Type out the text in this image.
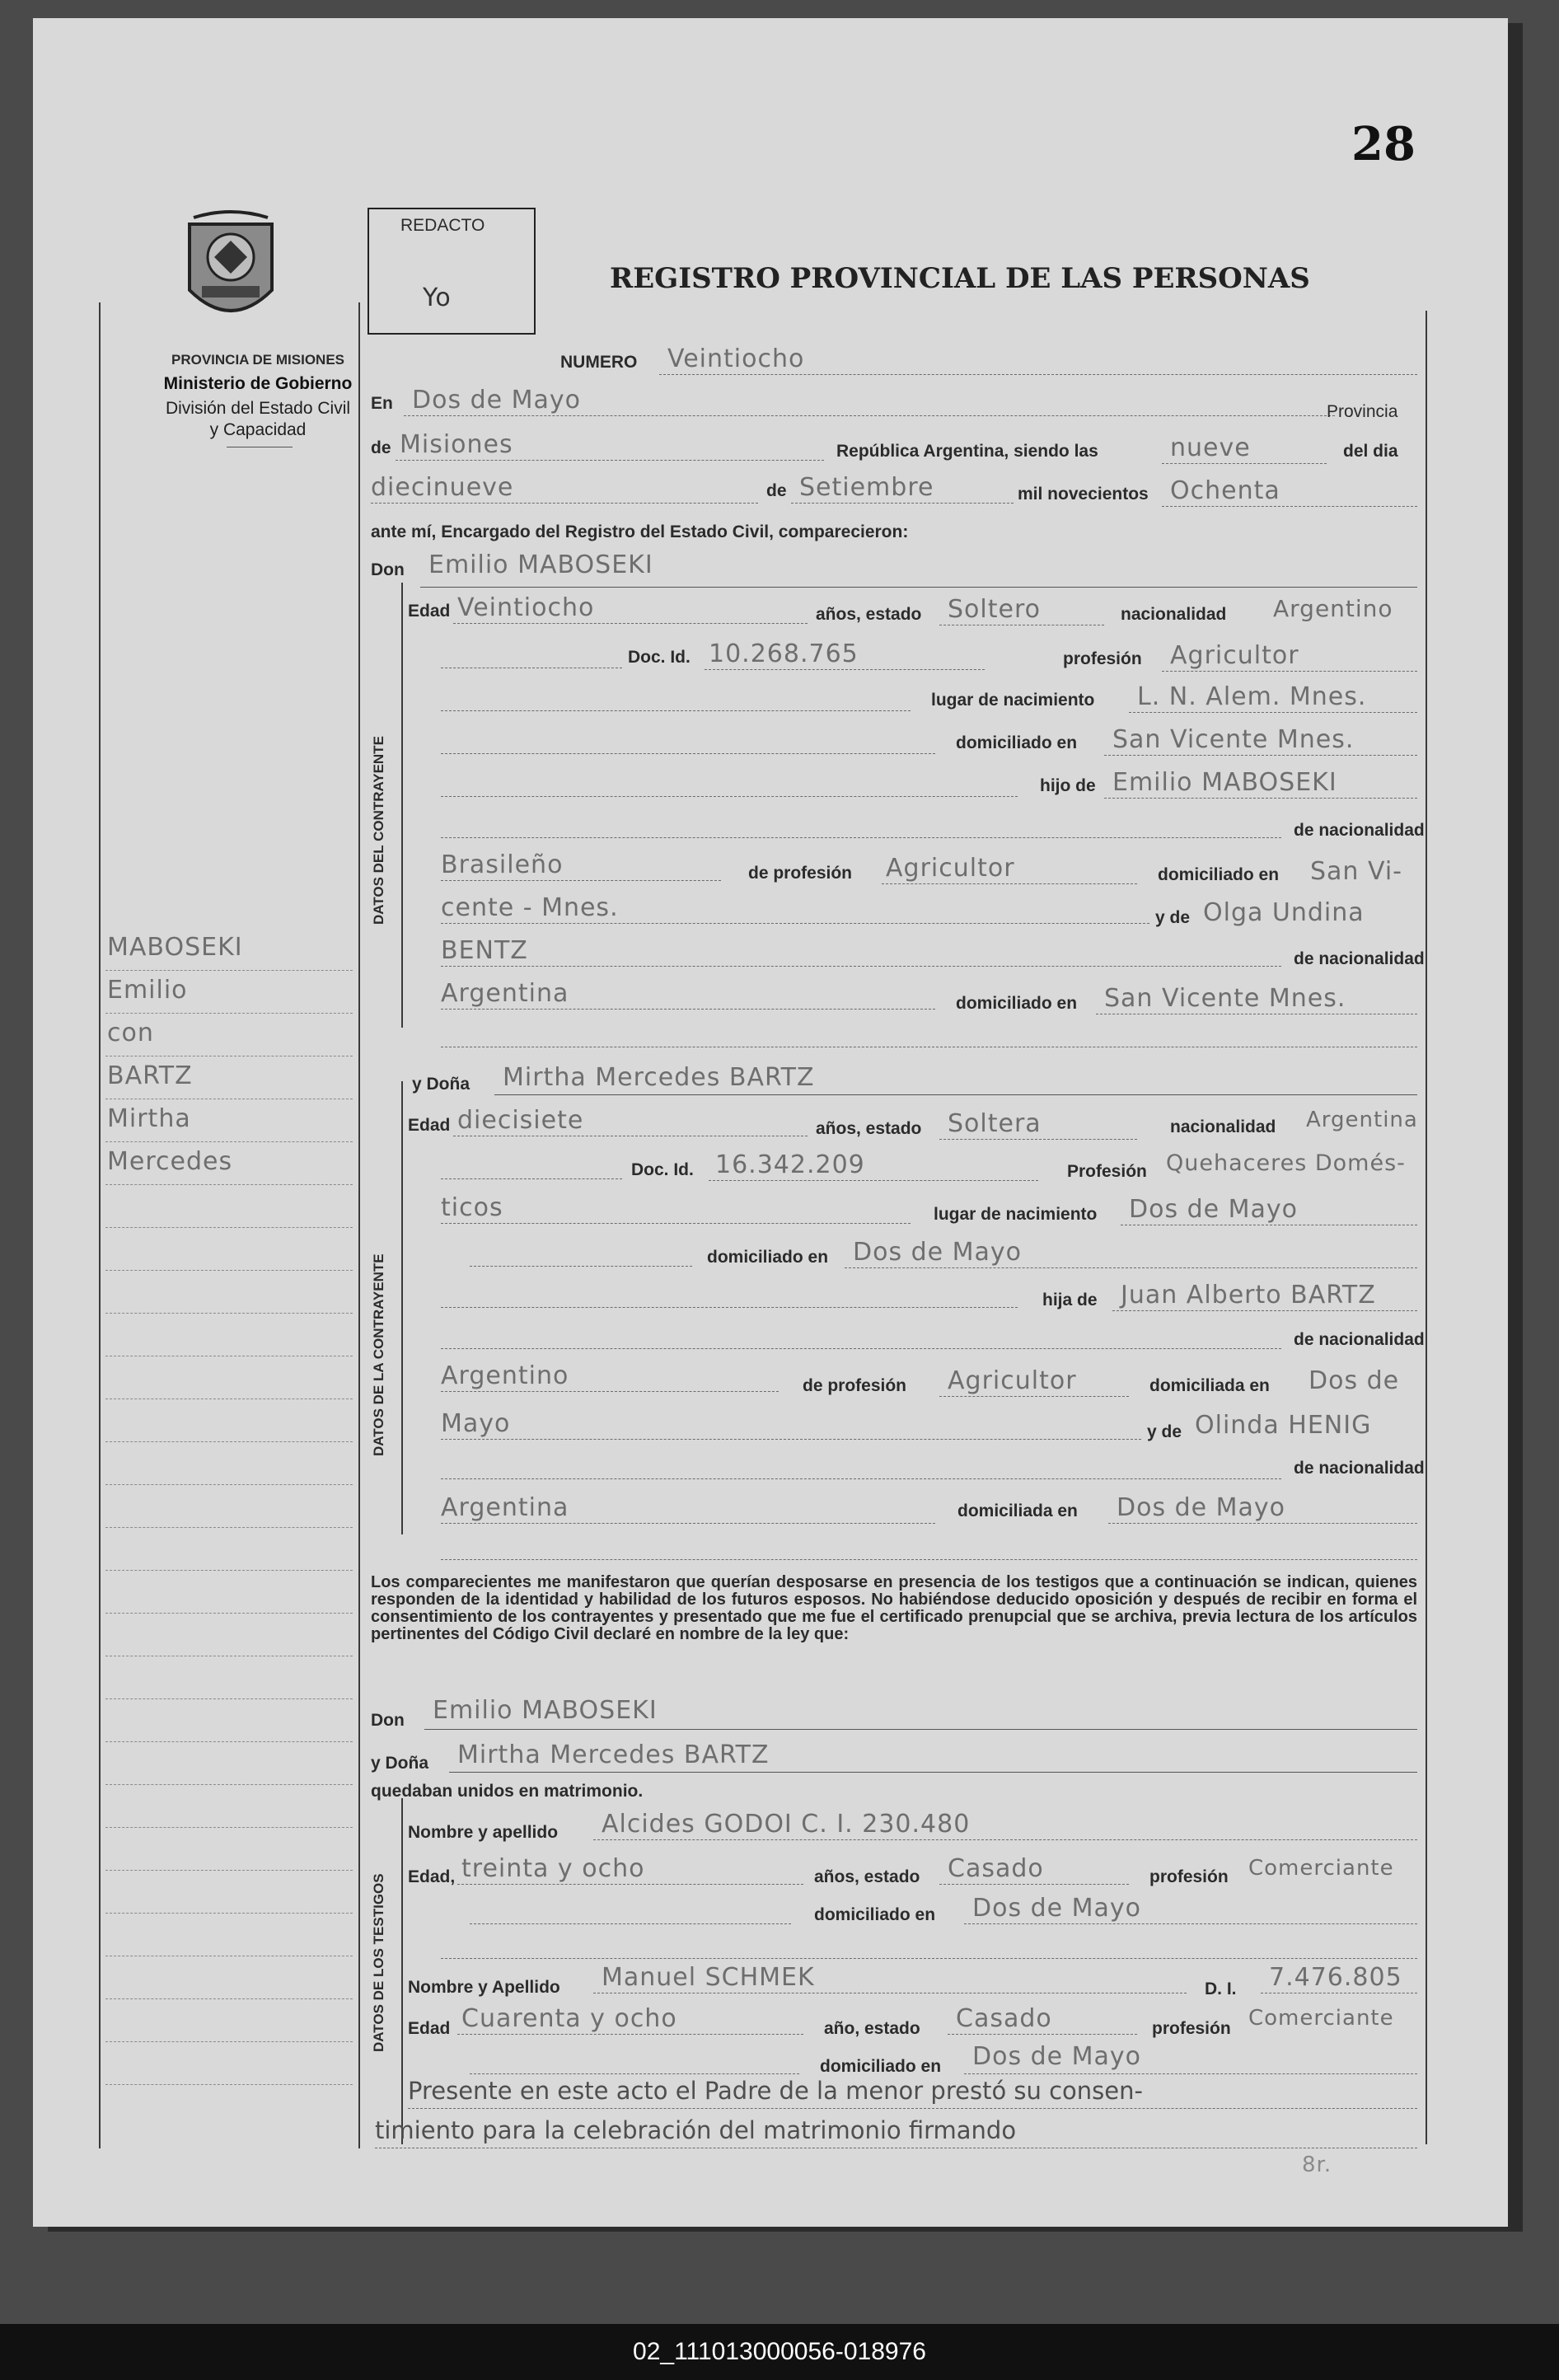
28
PROVINCIA DE MISIONES
Ministerio de Gobierno
División del Estado Civil
y Capacidad
REDACTO
Yo
REGISTRO PROVINCIAL DE LAS PERSONAS
DATOS DEL CONTRAYENTE
DATOS DE LA CONTRAYENTE
DATOS DE LOS TESTIGOS
MABOSEKI
Emilio
con
BARTZ
Mirtha
Mercedes
NUMERO Veintiocho
En Dos de Mayo	Provincia
de Misiones	República Argentina, siendo las	nueve	del dia
diecinueve	de Setiembre	mil novecientos Ochenta
ante mí, Encargado del Registro del Estado Civil, comparecieron:
Don Emilio MABOSEKI
Edad Veintiocho	años, estado Soltero	nacionalidad Argentino
Doc. Id. 10.268.765	profesión Agricultor
lugar de nacimiento L. N. Alem. Mnes.
domiciliado en San Vicente Mnes.
hijo de Emilio MABOSEKI
de nacionalidad
Brasileño	de profesión Agricultor	domiciliado en San Vi-
cente - Mnes.	y de Olga Undina
BENTZ	de nacionalidad
Argentina	domiciliado en San Vicente Mnes.
y Doña Mirtha Mercedes BARTZ
Edad diecisiete	años, estado Soltera	nacionalidad Argentina
Doc. Id. 16.342.209	Profesión Quehaceres Domés-
ticos	lugar de nacimiento Dos de Mayo
domiciliado en Dos de Mayo
hija de Juan Alberto BARTZ
de nacionalidad
Argentino	de profesión Agricultor	domiciliada en Dos de
Mayo	y de Olinda HENIG
de nacionalidad
Argentina	domiciliada en Dos de Mayo
Los comparecientes me manifestaron que querían desposarse en presencia de los testigos que a continuación se indican, quienes responden de la identidad y habilidad de los futuros esposos. No habiéndose deducido oposición y después de recibir en forma el consentimiento de los contrayentes y presentado que me fue el certificado prenupcial que se archiva, previa lectura de los artículos pertinentes del Código Civil declaré en nombre de la ley que:
Don Emilio MABOSEKI
y Doña Mirtha Mercedes BARTZ
quedaban unidos en matrimonio.
Nombre y apellido Alcides GODOI C. I. 230.480
Edad, treinta y ocho	años, estado Casado	profesión Comerciante
domiciliado en Dos de Mayo
Nombre y Apellido Manuel SCHMEK	D. I. 7.476.805
Edad Cuarenta y ocho	año, estado Casado	profesión Comerciante
domiciliado en Dos de Mayo
Presente en este acto el Padre de la menor prestó su consen-
timiento para la celebración del matrimonio firmando
8r.
02_111013000056-018976
